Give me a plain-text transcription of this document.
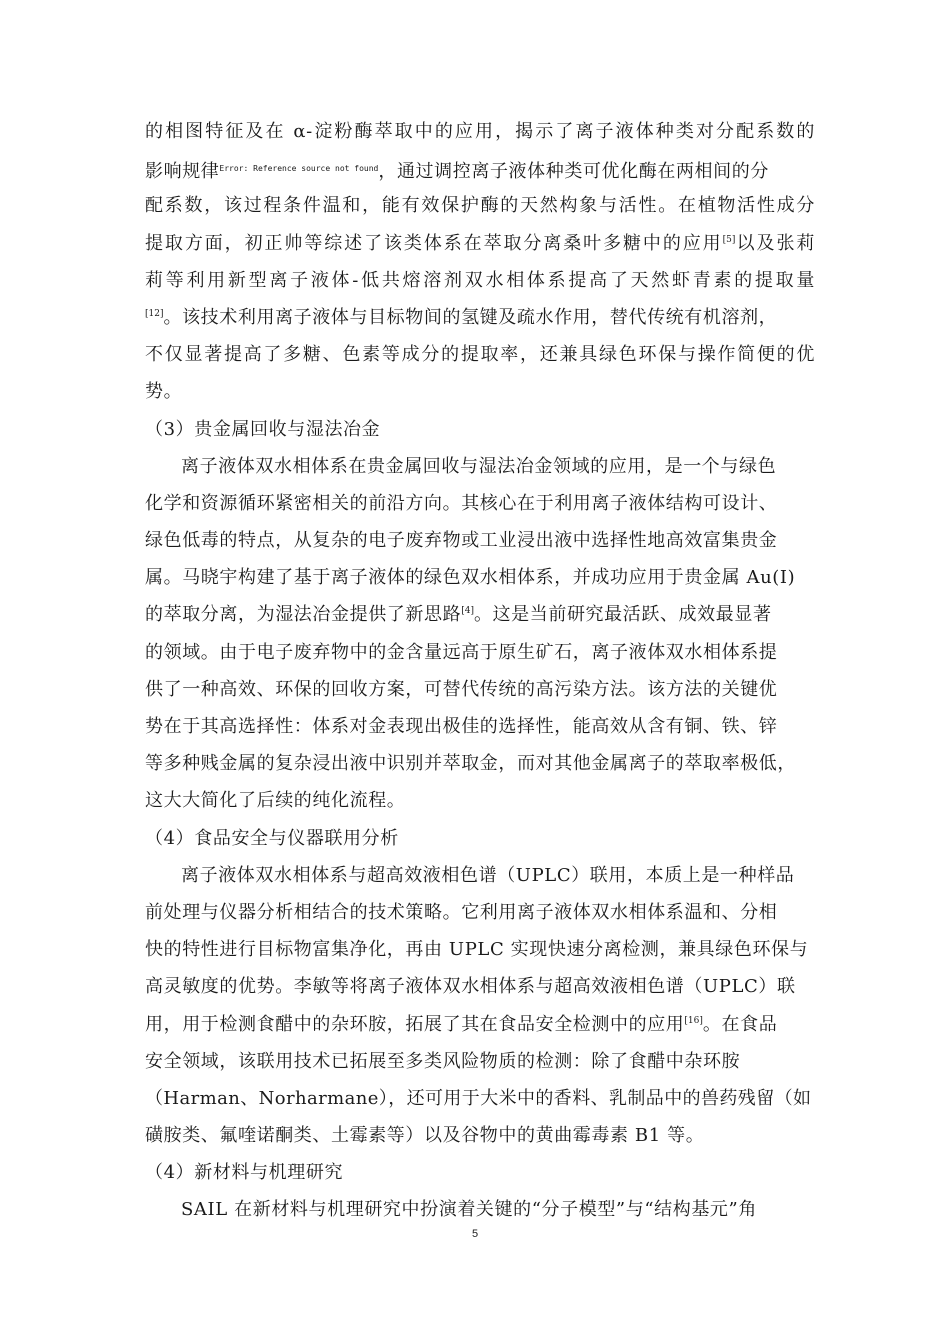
的相图特征及在 α-淀粉酶萃取中的应用，揭示了离子液体种类对分配系数的
影响规律$^{Error: Reference source not found}$，通过调控离子液体种类可优化酶在两相间的分
配系数，该过程条件温和，能有效保护酶的天然构象与活性。在植物活性成分
提取方面，初正帅等综述了该类体系在萃取分离桑叶多糖中的应用[5]以及张莉
莉等利用新型离子液体-低共熔溶剂双水相体系提高了天然虾青素的提取量
[12]。该技术利用离子液体与目标物间的氢键及疏水作用，替代传统有机溶剂，
不仅显著提高了多糖、色素等成分的提取率，还兼具绿色环保与操作简便的优
势。
（3）贵金属回收与湿法冶金
离子液体双水相体系在贵金属回收与湿法冶金领域的应用，是一个与绿色
化学和资源循环紧密相关的前沿方向。其核心在于利用离子液体结构可设计、
绿色低毒的特点，从复杂的电子废弃物或工业浸出液中选择性地高效富集贵金
属。马晓宇构建了基于离子液体的绿色双水相体系，并成功应用于贵金属 Au(I)
的萃取分离，为湿法冶金提供了新思路[4]。这是当前研究最活跃、成效最显著
的领域。由于电子废弃物中的金含量远高于原生矿石，离子液体双水相体系提
供了一种高效、环保的回收方案，可替代传统的高污染方法。该方法的关键优
势在于其高选择性：体系对金表现出极佳的选择性，能高效从含有铜、铁、锌
等多种贱金属的复杂浸出液中识别并萃取金，而对其他金属离子的萃取率极低，
这大大简化了后续的纯化流程。
（4）食品安全与仪器联用分析
离子液体双水相体系与超高效液相色谱（UPLC）联用，本质上是一种样品
前处理与仪器分析相结合的技术策略。它利用离子液体双水相体系温和、分相
快的特性进行目标物富集净化，再由 UPLC 实现快速分离检测，兼具绿色环保与
高灵敏度的优势。李敏等将离子液体双水相体系与超高效液相色谱（UPLC）联
用，用于检测食醋中的杂环胺，拓展了其在食品安全检测中的应用[16]。在食品
安全领域，该联用技术已拓展至多类风险物质的检测：除了食醋中杂环胺
（Harman、Norharmane），还可用于大米中的香料、乳制品中的兽药残留（如
磺胺类、氟喹诺酮类、土霉素等）以及谷物中的黄曲霉毒素 B1 等。
（4）新材料与机理研究
SAIL 在新材料与机理研究中扮演着关键的“分子模型”与“结构基元”角
5
